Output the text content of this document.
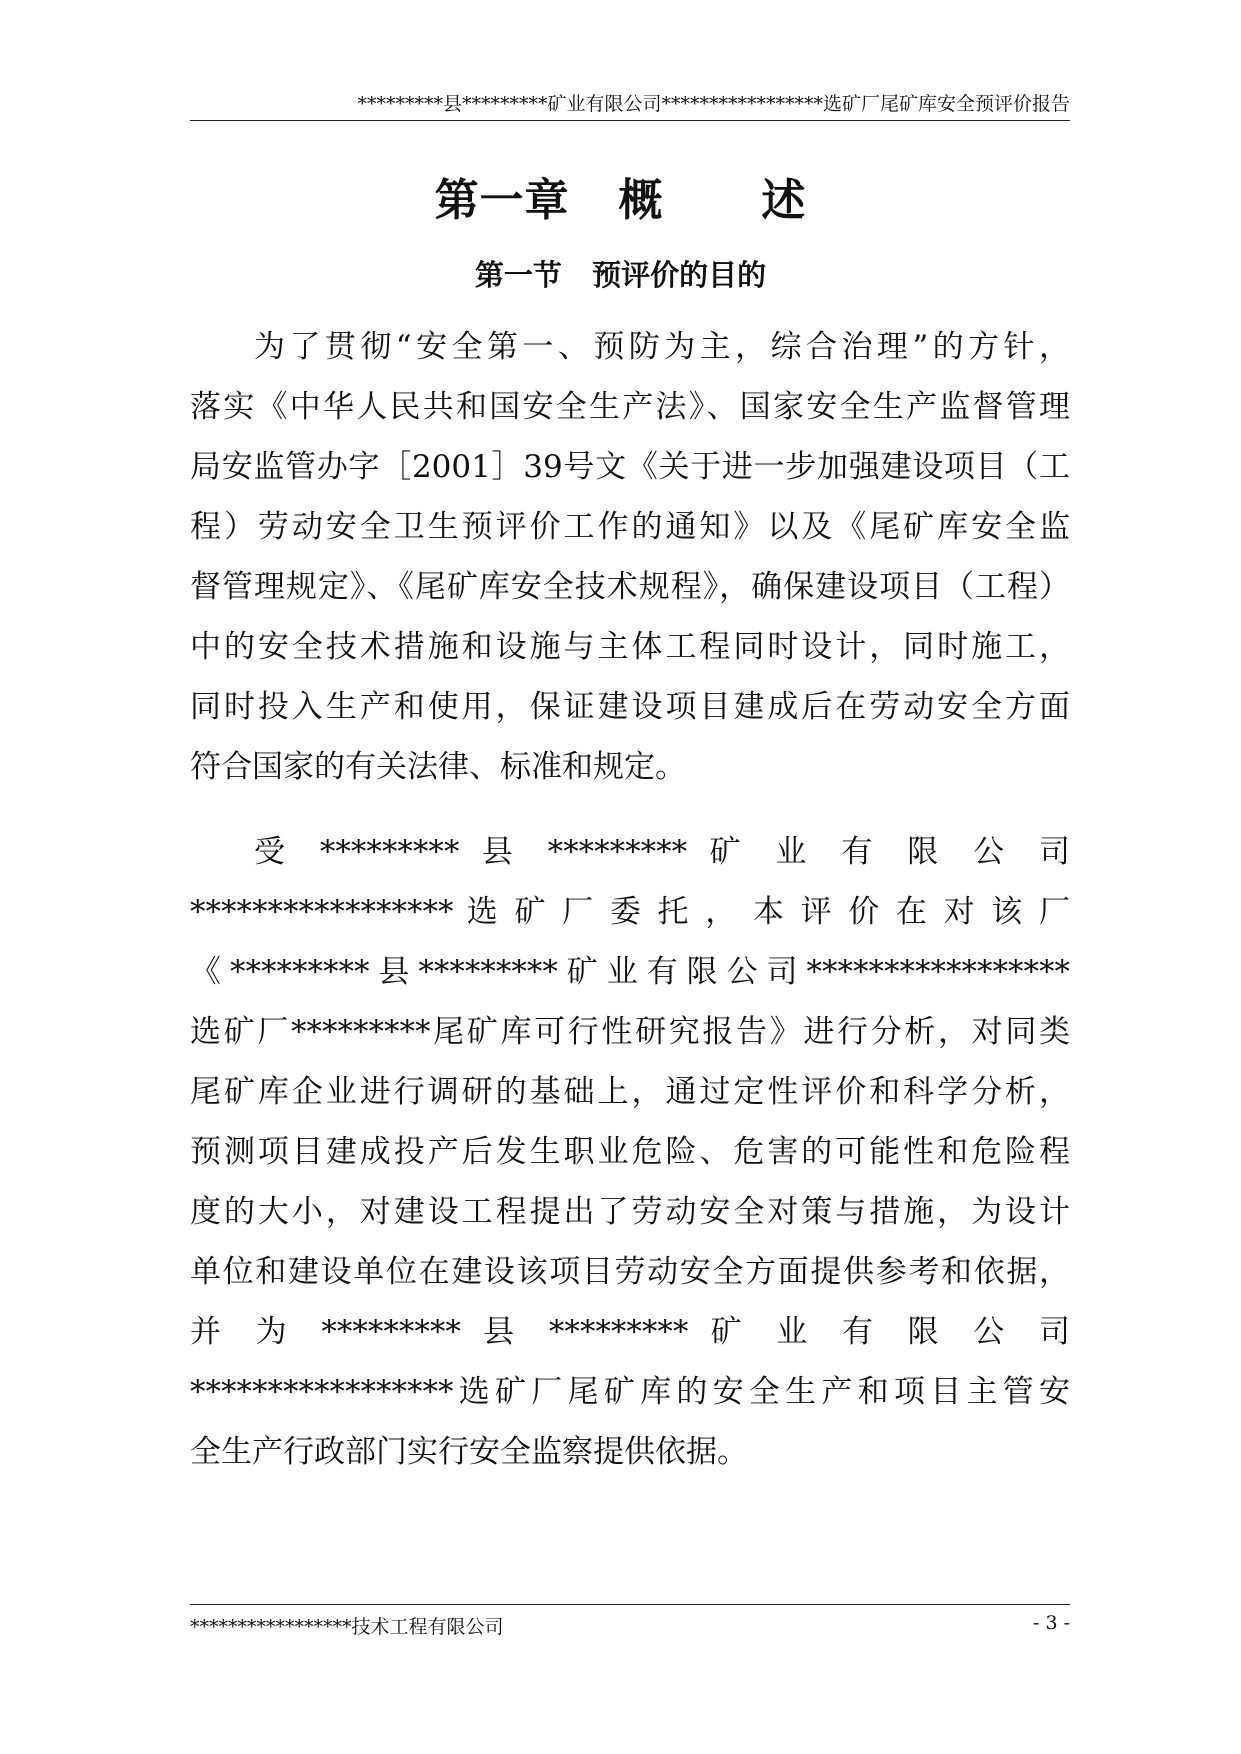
*********县*********矿业有限公司*****************选矿厂尾矿库安全预评价报告
第一章   概      述
第一节   预评价的目的
为了贯彻“安全第一、预防为主，综合治理”的方针，
落实《中华人民共和国安全生产法》、国家安全生产监督管理
局安监管办字［2001］39号文《关于进一步加强建设项目（工
程）劳动安全卫生预评价工作的通知》以及《尾矿库安全监
督管理规定》、《尾矿库安全技术规程》，确保建设项目（工程）
中的安全技术措施和设施与主体工程同时设计，同时施工，
同时投入生产和使用，保证建设项目建成后在劳动安全方面
符合国家的有关法律、标准和规定。
受 ********* 县 ********* 矿 业 有 限 公 司
***************** 选 矿 厂 委 托 ， 本 评 价 在 对 该 厂
《*********县*********矿业有限公司*****************
选矿厂*********尾矿库可行性研究报告》进行分析，对同类
尾矿库企业进行调研的基础上，通过定性评价和科学分析，
预测项目建成投产后发生职业危险、危害的可能性和危险程
度的大小，对建设工程提出了劳动安全对策与措施，为设计
单位和建设单位在建设该项目劳动安全方面提供参考和依据，
并 为 ********* 县 ********* 矿 业 有 限 公 司
*****************选矿厂尾矿库的安全生产和项目主管安
全生产行政部门实行安全监察提供依据。
*****************技术工程有限公司	- 3 -
